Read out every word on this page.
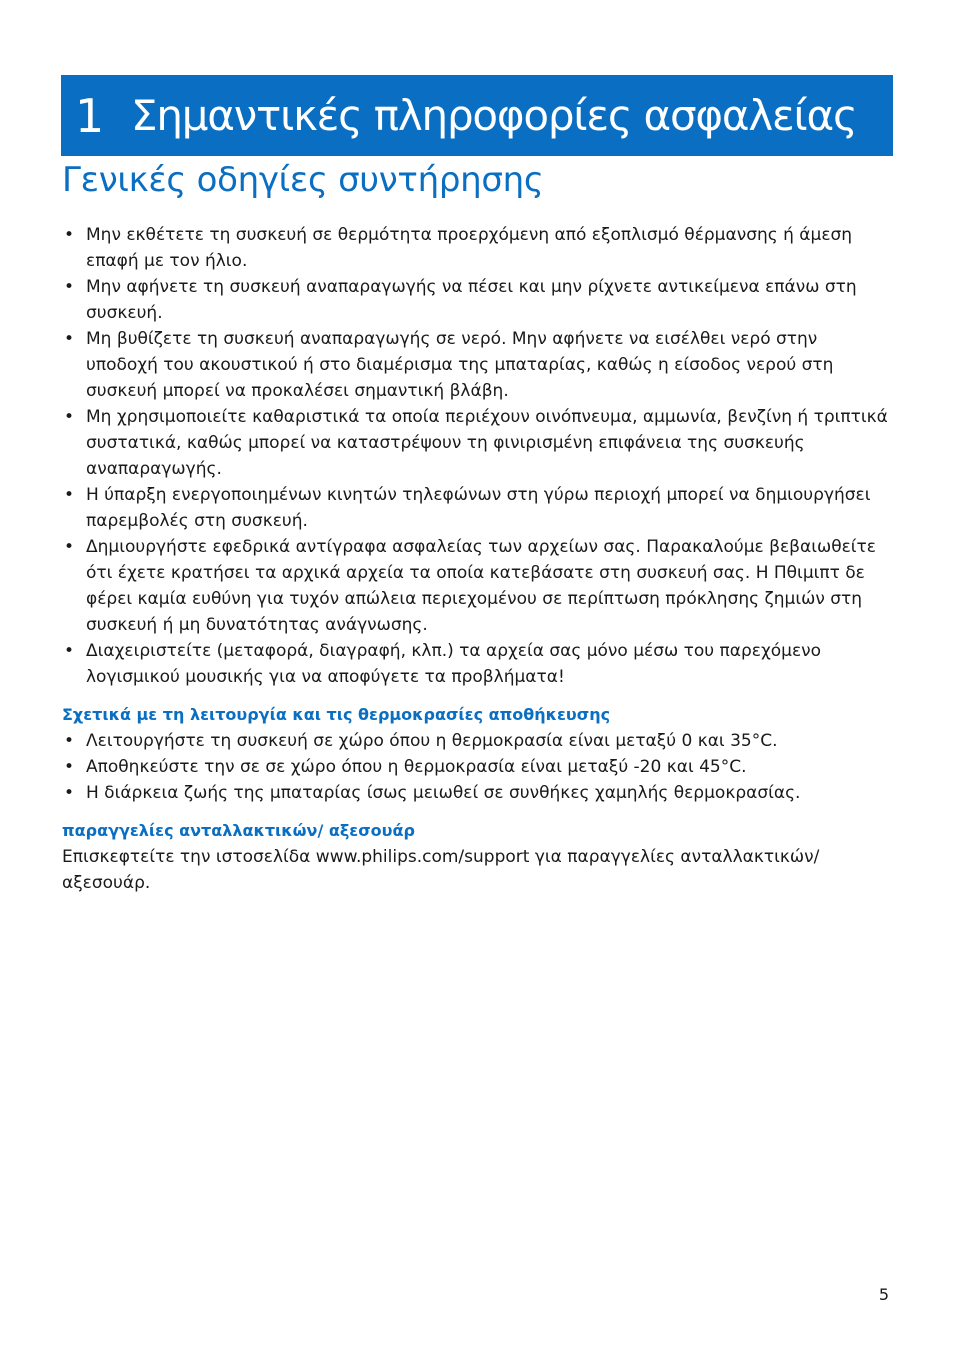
1 Σημαντικές πληροφορίες ασφαλείας
Γενικές οδηγίες συντήρησης
• Μην εκθέτετε τη συσκευή σε θερμότητα προερχόμενη από εξοπλισμό θέρμανσης ή άμεση επαφή με τον ήλιο.
• Μην αφήνετε τη συσκευή αναπαραγωγής να πέσει και μην ρίχνετε αντικείμενα επάνω στη συσκευή.
• Μη βυθίζετε τη συσκευή αναπαραγωγής σε νερό. Μην αφήνετε να εισέλθει νερό στην υποδοχή του ακουστικού ή στο διαμέρισμα της μπαταρίας, καθώς η είσοδος νερού στη συσκευή μπορεί να προκαλέσει σημαντική βλάβη.
• Μη χρησιμοποιείτε καθαριστικά τα οποία περιέχουν οινόπνευμα, αμμωνία, βενζίνη ή τριπτικά συστατικά, καθώς μπορεί να καταστρέψουν τη φινιρισμένη επιφάνεια της συσκευής αναπαραγωγής.
• Η ύπαρξη ενεργοποιημένων κινητών τηλεφώνων στη γύρω περιοχή μπορεί να δημιουργήσει παρεμβολές στη συσκευή.
• Δημιουργήστε εφεδρικά αντίγραφα ασφαλείας των αρχείων σας. Παρακαλούμε βεβαιωθείτε ότι έχετε κρατήσει τα αρχικά αρχεία τα οποία κατεβάσατε στη συσκευή σας. Η Πθιμιπτ δε φέρει καμία ευθύνη για τυχόν απώλεια περιεχομένου σε περίπτωση πρόκλησης ζημιών στη συσκευή ή μη δυνατότητας ανάγνωσης.
• Διαχειριστείτε (μεταφορά, διαγραφή, κλπ.) τα αρχεία σας μόνο μέσω του παρεχόμενο λογισμικού μουσικής για να αποφύγετε τα προβλήματα!
Σχετικά με τη λειτουργία και τις θερμοκρασίες αποθήκευσης
• Λειτουργήστε τη συσκευή σε χώρο όπου η θερμοκρασία είναι μεταξύ 0 και 35°C.
• Αποθηκεύστε την σε σε χώρο όπου η θερμοκρασία είναι μεταξύ -20 και 45°C.
• Η διάρκεια ζωής της μπαταρίας ίσως μειωθεί σε συνθήκες χαμηλής θερμοκρασίας.
παραγγελίες ανταλλακτικών/ αξεσουάρ

Επισκεφτείτε την ιστοσελίδα www.philips.com/support για παραγγελίες ανταλλακτικών/ αξεσουάρ.

5
